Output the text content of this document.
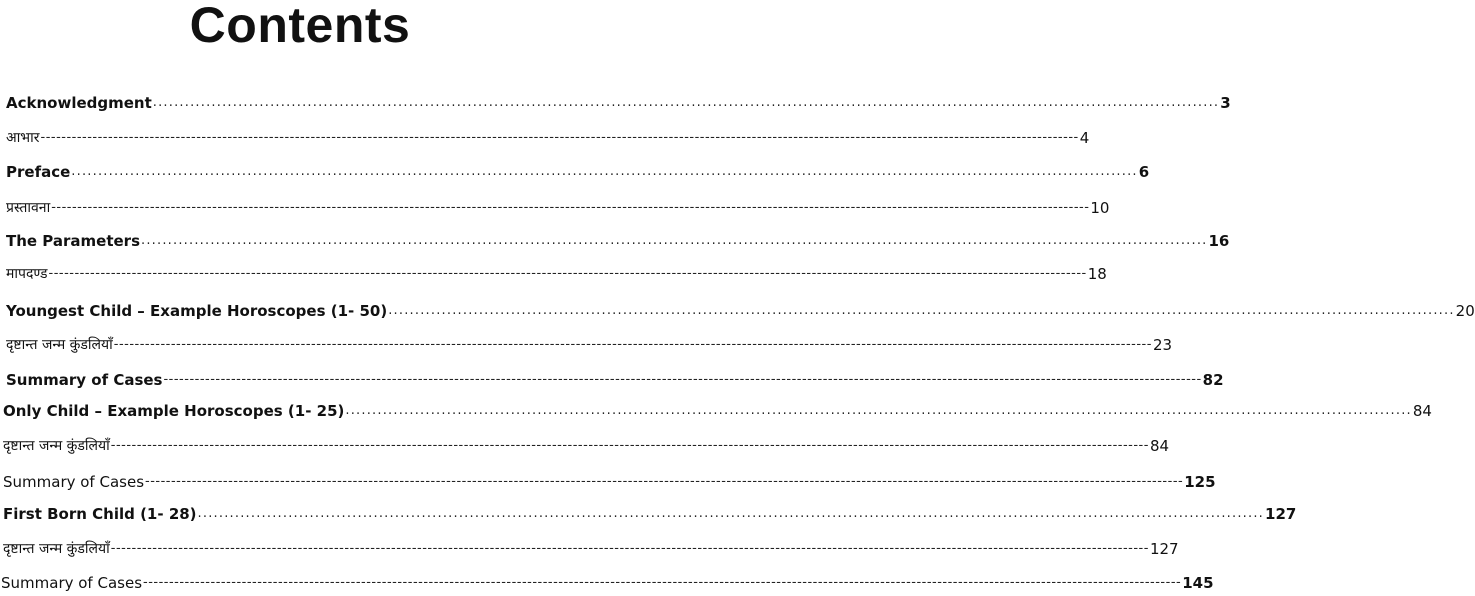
Contents
Acknowledgment ........................................................................................................................................................................................................ 3
आभार -------------------------------------------------------------------------------------------------------------------------------------------------------------------------------------------------------- 4
Preface ........................................................................................................................................................................................................ 6
प्रस्तावना -------------------------------------------------------------------------------------------------------------------------------------------------------------------------------------------------------- 10
The Parameters ........................................................................................................................................................................................................ 16
मापदण्ड -------------------------------------------------------------------------------------------------------------------------------------------------------------------------------------------------------- 18
Youngest Child – Example Horoscopes (1- 50) ........................................................................................................................................................................................................ 20
दृष्टान्त जन्म कुंडलियाँ -------------------------------------------------------------------------------------------------------------------------------------------------------------------------------------------------------- 23
Summary of Cases -------------------------------------------------------------------------------------------------------------------------------------------------------------------------------------------------------- 82
Only Child – Example Horoscopes (1- 25) ........................................................................................................................................................................................................ 84
दृष्टान्त जन्म कुंडलियाँ -------------------------------------------------------------------------------------------------------------------------------------------------------------------------------------------------------- 84
Summary of Cases -------------------------------------------------------------------------------------------------------------------------------------------------------------------------------------------------------- 125
First Born Child (1- 28) ........................................................................................................................................................................................................ 127
दृष्टान्त जन्म कुंडलियाँ -------------------------------------------------------------------------------------------------------------------------------------------------------------------------------------------------------- 127
Summary of Cases -------------------------------------------------------------------------------------------------------------------------------------------------------------------------------------------------------- 145
